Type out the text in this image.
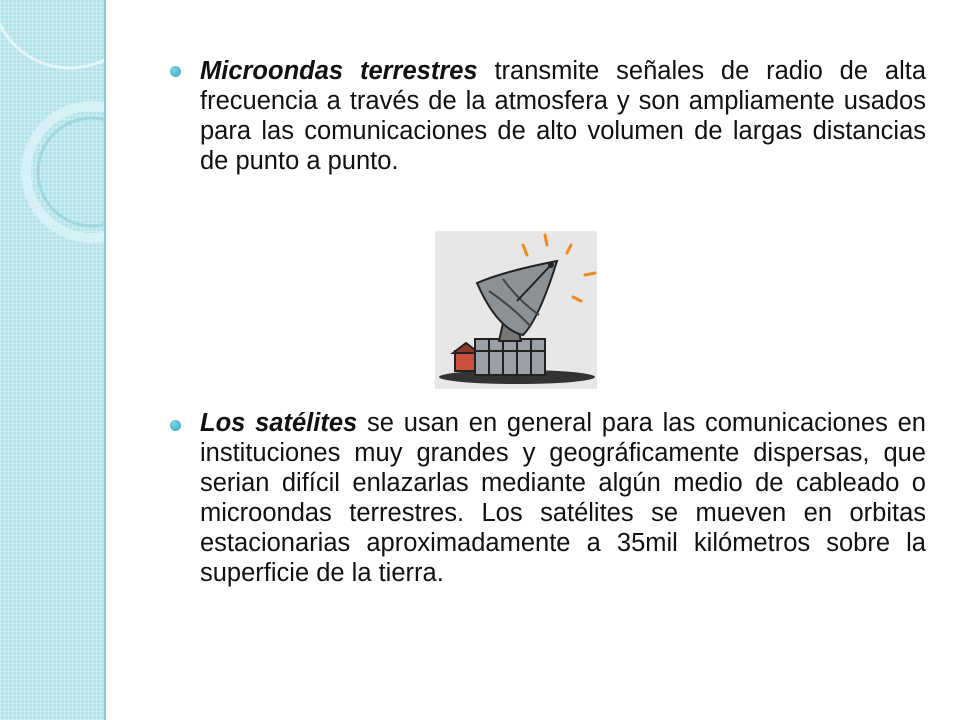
Microondas terrestres transmite señales de radio de alta frecuencia a través de la atmosfera y son ampliamente usados para las comunicaciones de alto volumen de largas distancias de punto a punto.

Los satélites se usan en general para las comunicaciones en instituciones muy grandes y geográficamente dispersas, que serian difícil enlazarlas mediante algún medio de cableado o microondas terrestres. Los satélites se mueven en orbitas estacionarias aproximadamente a 35mil kilómetros sobre la superficie de la tierra.
